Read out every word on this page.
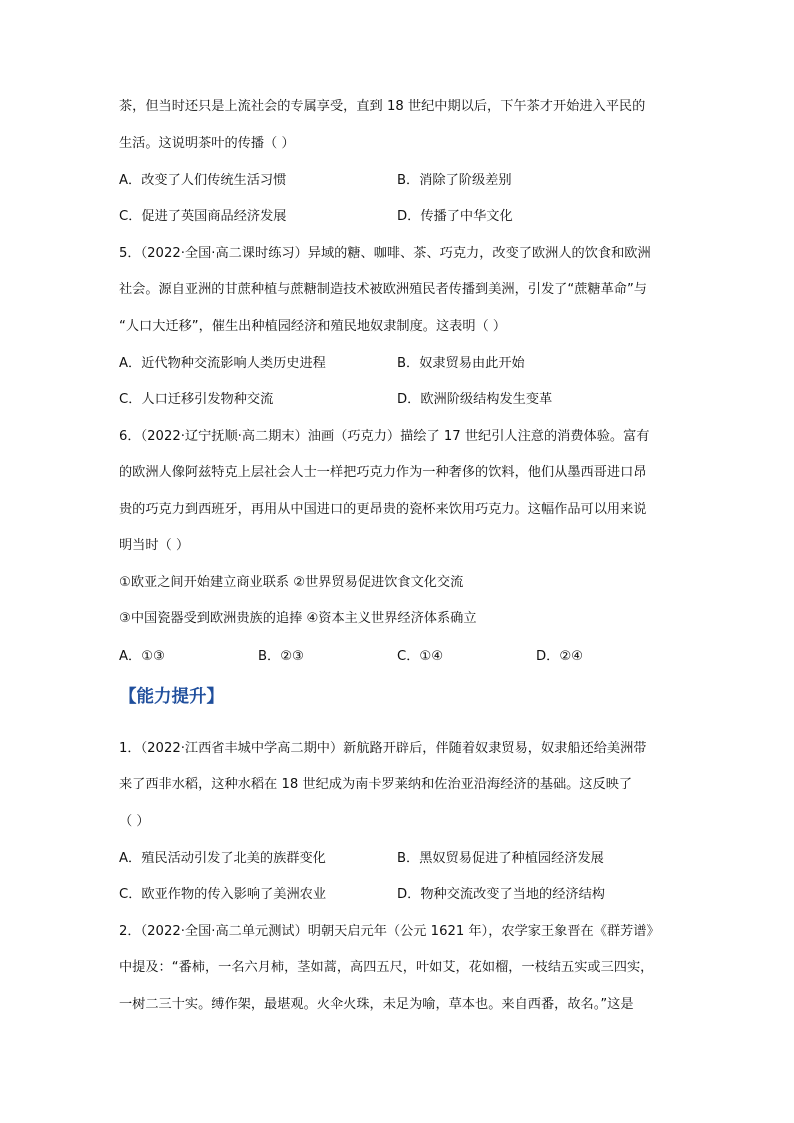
茶，但当时还只是上流社会的专属享受，直到 18 世纪中期以后，下午茶才开始进入平民的
生活。这说明茶叶的传播（ ）
A．改变了人们传统生活习惯	B．消除了阶级差别
C．促进了英国商品经济发展	D．传播了中华文化
5．（2022·全国·高二课时练习）异域的糖、咖啡、茶、巧克力，改变了欧洲人的饮食和欧洲
社会。源自亚洲的甘蔗种植与蔗糖制造技术被欧洲殖民者传播到美洲，引发了“蔗糖革命”与
“人口大迁移”，催生出种植园经济和殖民地奴隶制度。这表明（ ）
A．近代物种交流影响人类历史进程	B．奴隶贸易由此开始
C．人口迁移引发物种交流	D．欧洲阶级结构发生变革
6．（2022·辽宁抚顺·高二期末）油画（巧克力）描绘了 17 世纪引人注意的消费体验。富有
的欧洲人像阿兹特克上层社会人士一样把巧克力作为一种奢侈的饮料，他们从墨西哥进口昂
贵的巧克力到西班牙，再用从中国进口的更昂贵的瓷杯来饮用巧克力。这幅作品可以用来说
明当时（ ）
①欧亚之间开始建立商业联系 ②世界贸易促进饮食文化交流
③中国瓷器受到欧洲贵族的追捧 ④资本主义世界经济体系确立
A．①③	B．②③	C．①④	D．②④
【能力提升】
1．（2022·江西省丰城中学高二期中）新航路开辟后，伴随着奴隶贸易，奴隶船还给美洲带
来了西非水稻，这种水稻在 18 世纪成为南卡罗莱纳和佐治亚沿海经济的基础。这反映了
（ ）
A．殖民活动引发了北美的族群变化	B．黑奴贸易促进了种植园经济发展
C．欧亚作物的传入影响了美洲农业	D．物种交流改变了当地的经济结构
2．（2022·全国·高二单元测试）明朝天启元年（公元 1621 年），农学家王象晋在《群芳谱》
中提及：“番柿，一名六月柿，茎如蒿，高四五尺，叶如艾，花如榴，一枝结五实或三四实，
一树二三十实。缚作架，最堪观。火伞火珠，未足为喻，草本也。来自西番，故名。”这是
